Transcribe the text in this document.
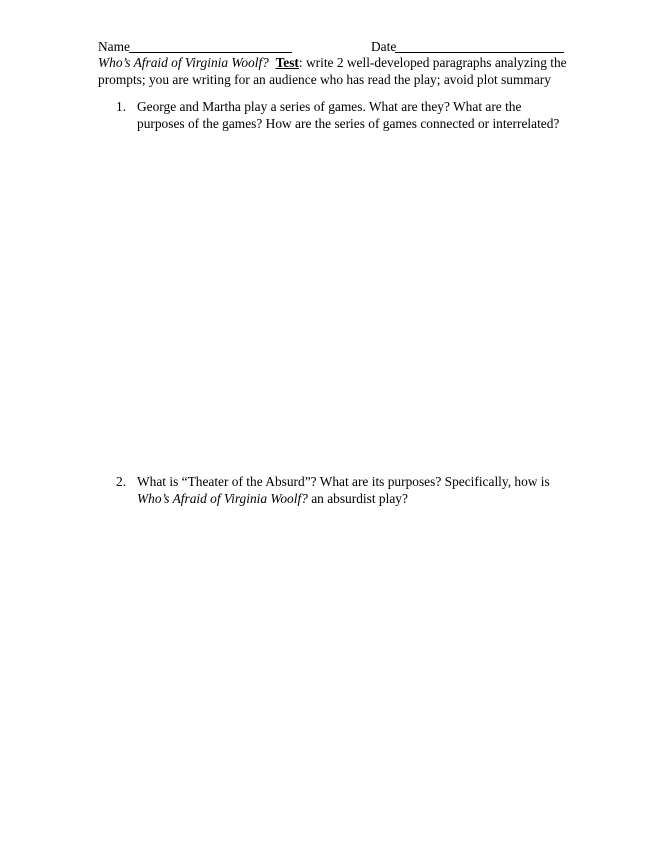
Name	Date

Who’s Afraid of Virginia Woolf? Test: write 2 well-developed paragraphs analyzing the

prompts; you are writing for an audience who has read the play; avoid plot summary

1. George and Martha play a series of games. What are they? What are the

purposes of the games? How are the series of games connected or interrelated?

2. What is “Theater of the Absurd”? What are its purposes? Specifically, how is

Who’s Afraid of Virginia Woolf? an absurdist play?
